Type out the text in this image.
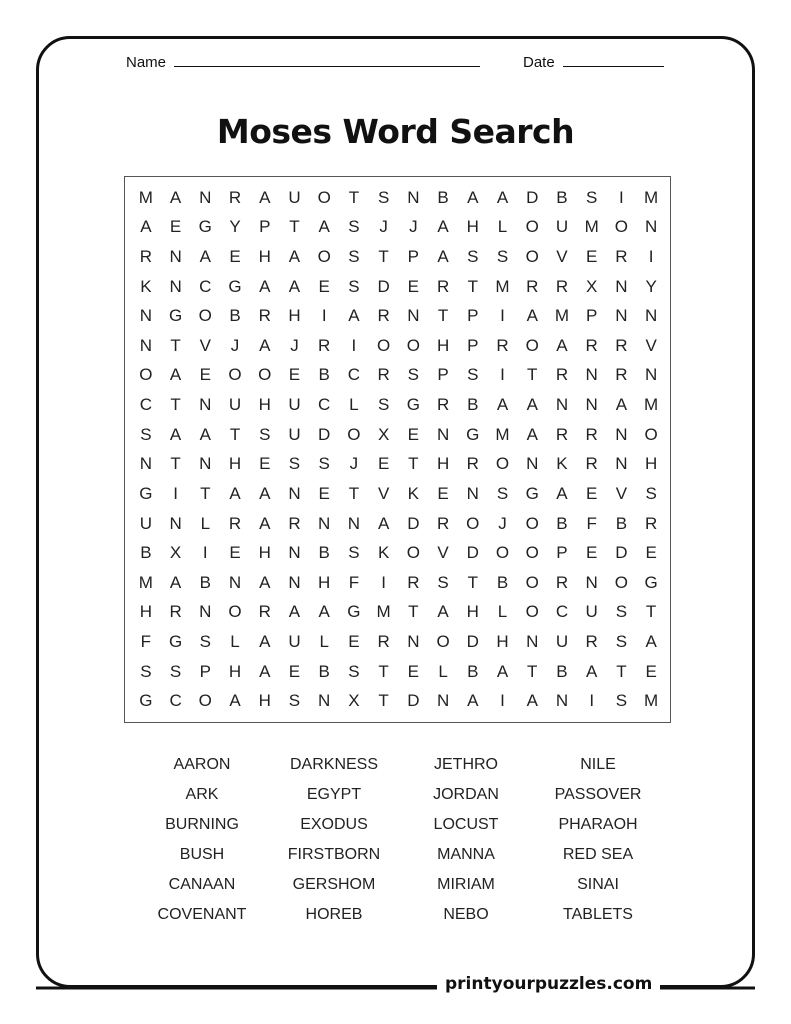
Name	Date
Moses Word Search
M A	N	R	A	U O	T	S	N	B	A	A	D	B	S	I	M
A	E	G	Y	P	T	A	S	J	J	A	H	L	O U M O N
R	N	A	E	H	A	O	S	T	P	A	S	S	O	V	E	R	I
K	N	C G	A	A	E	S	D	E	R	T	M R	R	X	N	Y
N G O	B	R	H	I	A	R	N	T	P	I	A M P	N	N
N	T	V	J	A	J	R	I	O O H	P	R O	A	R	R	V
O	A	E	O O	E	B	C	R	S	P	S	I	T	R	N	R	N
C	T	N	U	H	U	C	L	S	G R	B	A	A	N	N	A M
S	A	A	T	S	U	D O	X	E	N G M A	R	R	N O
N	T	N	H	E	S	S	J	E	T	H	R O N	K	R	N	H
G	I	T	A	A	N	E	T	V	K	E	N	S	G	A	E	V	S
U	N	L	R	A	R	N	N	A	D	R O	J	O	B	F	B	R
B	X	I	E	H	N	B	S	K	O	V	D O O	P	E	D	E
M A	B	N	A	N	H	F	I	R	S	T	B	O R	N O G
H	R	N O R	A	A	G M	T	A	H	L	O C	U	S	T
F	G	S	L	A	U	L	E	R	N O D	H	N	U	R	S	A
S	S	P	H	A	E	B	S	T	E	L	B	A	T	B	A	T	E
G C O	A	H	S	N	X	T	D	N	A	I	A	N	I	S M
AARON	DARKNESS	JETHRO	NILE
ARK	EGYPT	JORDAN	PASSOVER
BURNING	EXODUS	LOCUST	PHARAOH
BUSH	FIRSTBORN	MANNA	RED SEA
CANAAN	GERSHOM	MIRIAM	SINAI
COVENANT	HOREB	NEBO	TABLETS
printyourpuzzles.com
